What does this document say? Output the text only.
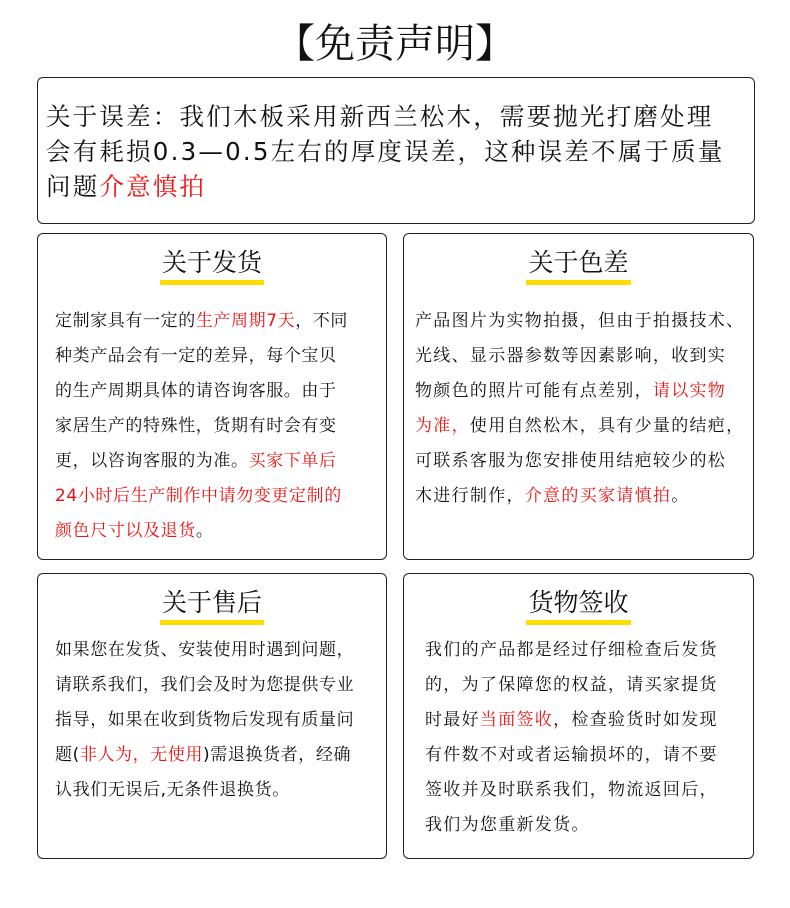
【免责声明】
关于误差：我们木板采用新西兰松木，需要抛光打磨处理
会有耗损0.3—0.5左右的厚度误差，这种误差不属于质量
问题介意慎拍
关于发货
定制家具有一定的生产周期7天，不同
种类产品会有一定的差异，每个宝贝
的生产周期具体的请咨询客服。由于
家居生产的特殊性，货期有时会有变
更，以咨询客服的为准。买家下单后
24小时后生产制作中请勿变更定制的
颜色尺寸以及退货。
关于色差
产品图片为实物拍摄，但由于拍摄技术、
光线、显示器参数等因素影响，收到实
物颜色的照片可能有点差别，请以实物
为准，使用自然松木，具有少量的结疤，
可联系客服为您安排使用结疤较少的松
木进行制作，介意的买家请慎拍。
关于售后
如果您在发货、安装使用时遇到问题，
请联系我们，我们会及时为您提供专业
指导，如果在收到货物后发现有质量问
题(非人为，无使用)需退换货者，经确
认我们无误后,无条件退换货。
货物签收
我们的产品都是经过仔细检查后发货
的，为了保障您的权益，请买家提货
时最好当面签收，检查验货时如发现
有件数不对或者运输损坏的，请不要
签收并及时联系我们，物流返回后，
我们为您重新发货。
